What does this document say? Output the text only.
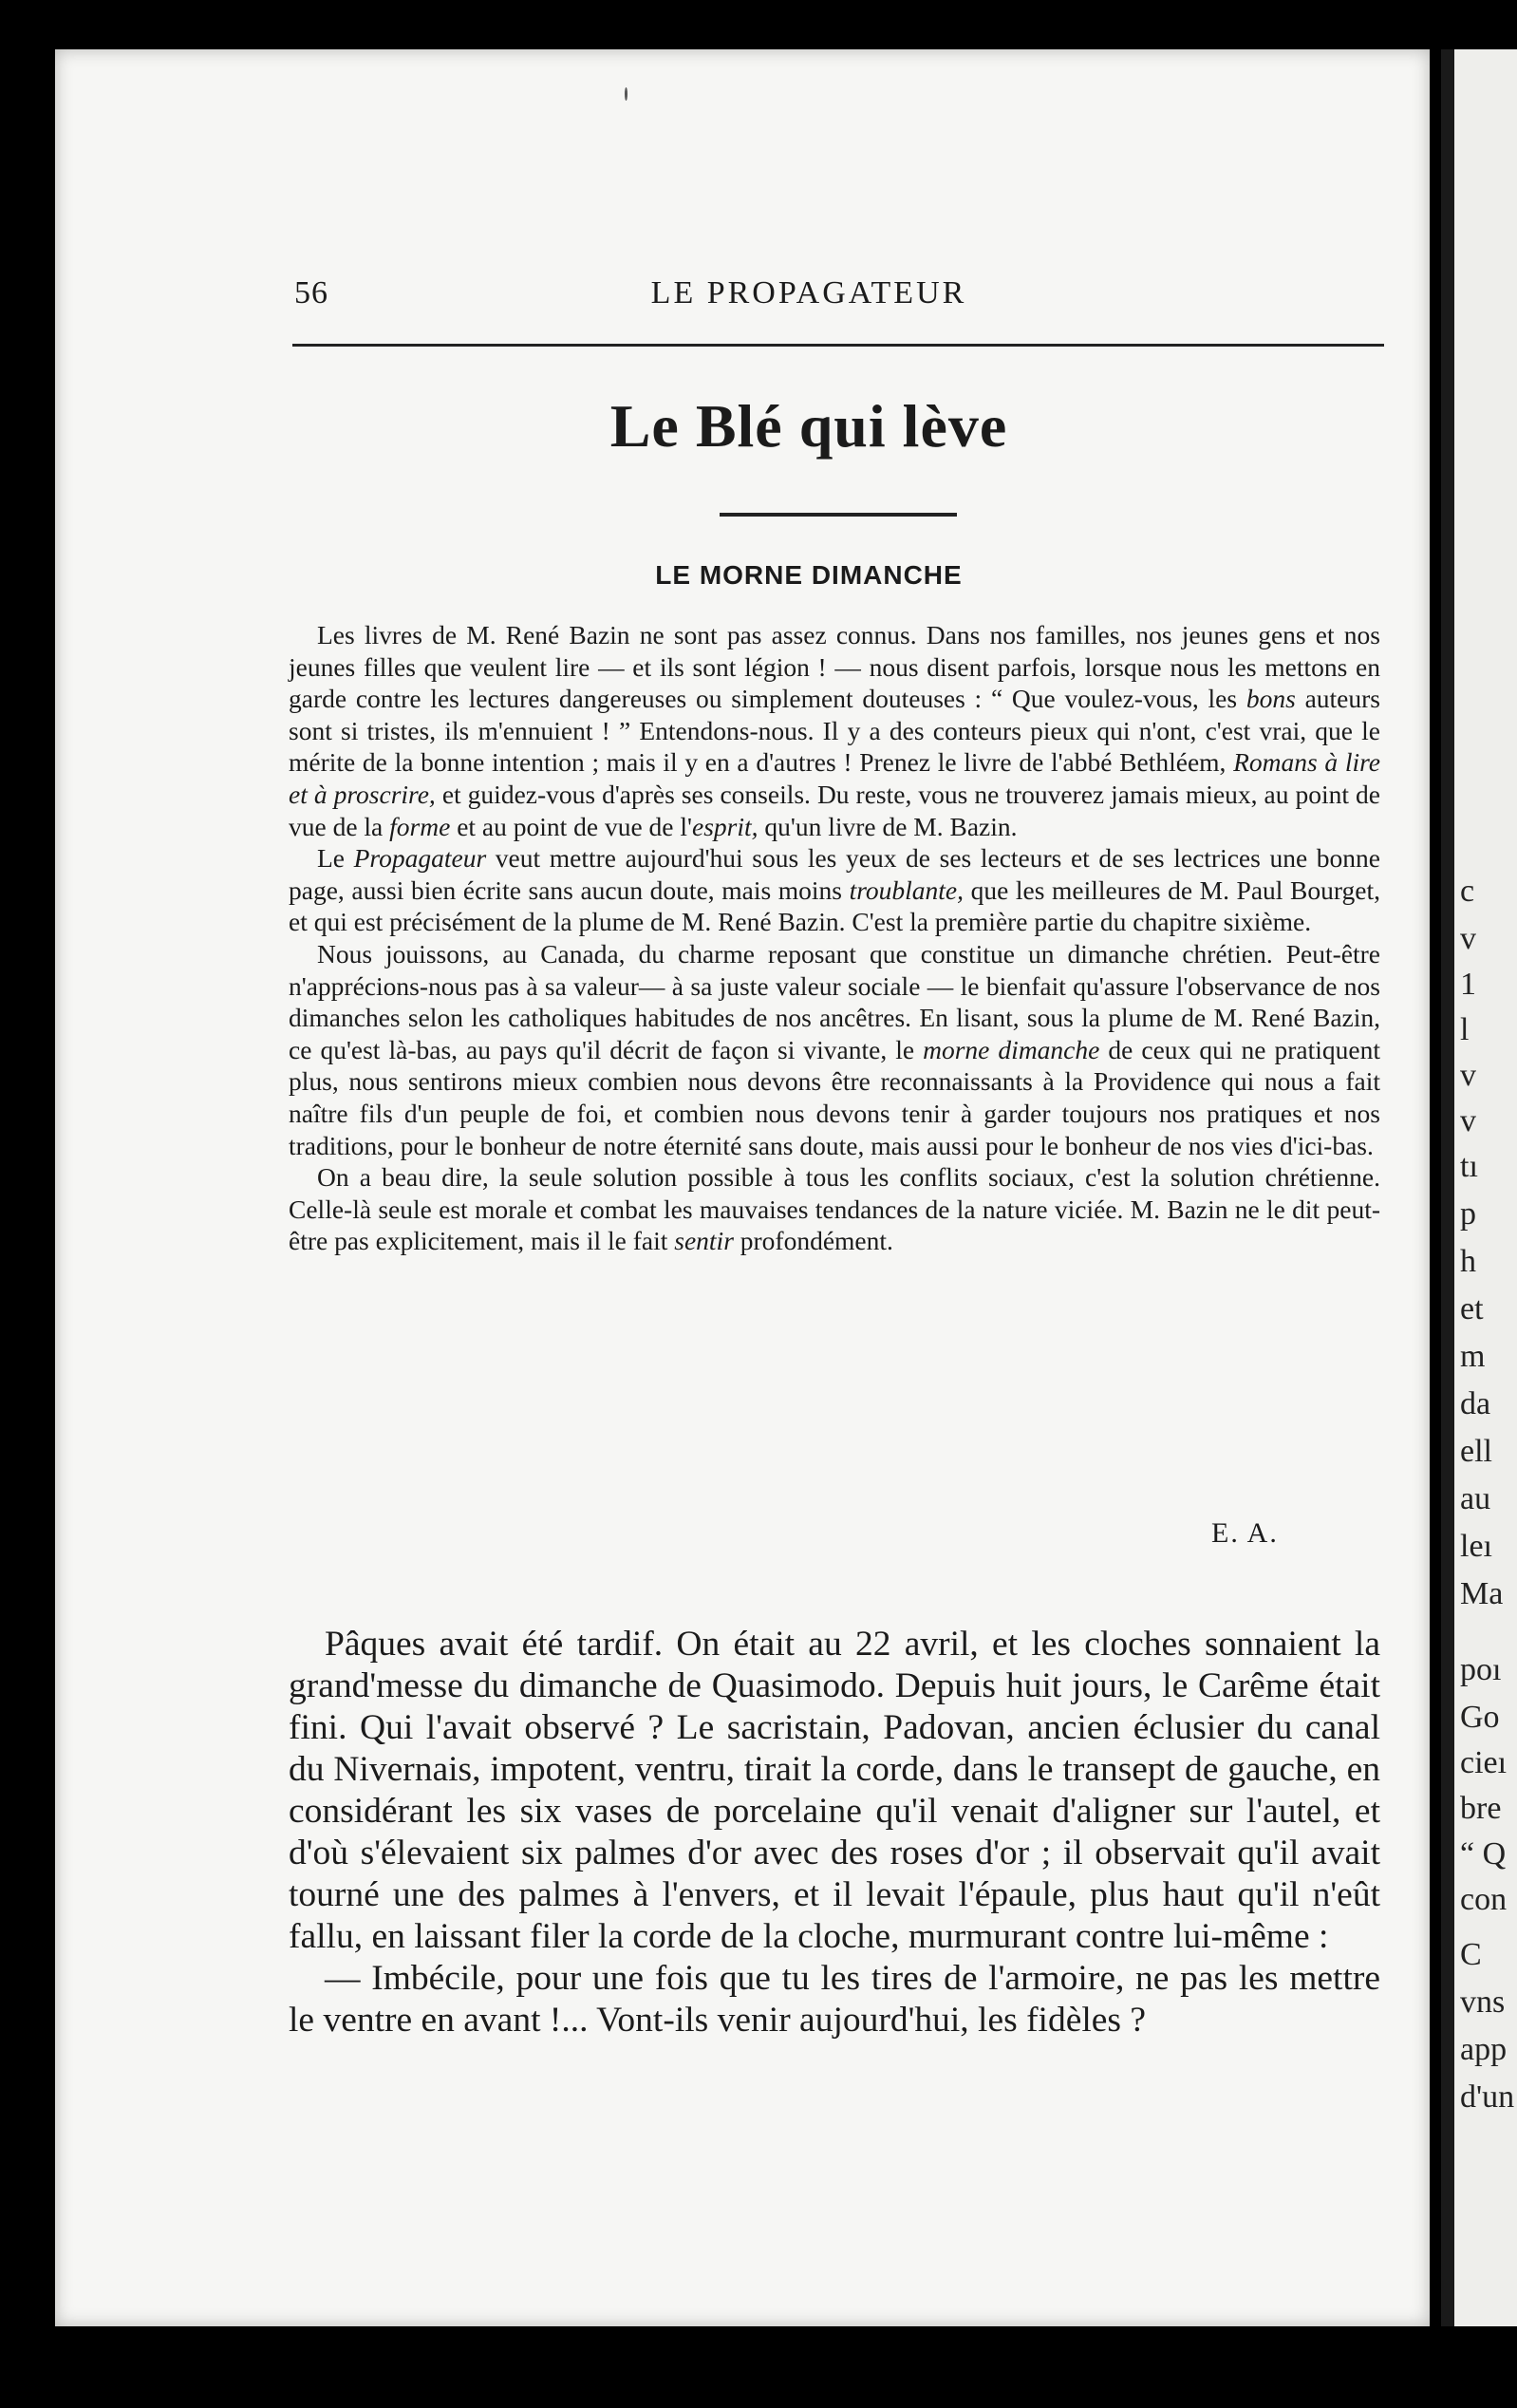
56	LE PROPAGATEUR
Le Blé qui lève
LE MORNE DIMANCHE

Les livres de M. René Bazin ne sont pas assez connus. Dans nos familles, nos jeunes gens et nos jeunes filles que veulent lire — et ils sont légion ! — nous disent parfois, lorsque nous les mettons en garde contre les lectures dangereuses ou simplement douteuses : “ Que voulez-vous, les bons auteurs sont si tristes, ils m'ennuient ! ” Entendons-nous. Il y a des conteurs pieux qui n'ont, c'est vrai, que le mérite de la bonne intention ; mais il y en a d'autres ! Prenez le livre de l'abbé Bethléem, Romans à lire et à proscrire, et guidez-vous d'après ses conseils. Du reste, vous ne trouverez jamais mieux, au point de vue de la forme et au point de vue de l'esprit, qu'un livre de M. Bazin.

Le Propagateur veut mettre aujourd'hui sous les yeux de ses lecteurs et de ses lectrices une bonne page, aussi bien écrite sans aucun doute, mais moins troublante, que les meilleures de M. Paul Bourget, et qui est précisément de la plume de M. René Bazin. C'est la première partie du chapitre sixième.

Nous jouissons, au Canada, du charme reposant que constitue un dimanche chrétien. Peut-être n'apprécions-nous pas à sa valeur— à sa juste valeur sociale — le bienfait qu'assure l'observance de nos dimanches selon les catholiques habitudes de nos ancêtres. En lisant, sous la plume de M. René Bazin, ce qu'est là-bas, au pays qu'il décrit de façon si vivante, le morne dimanche de ceux qui ne pratiquent plus, nous sentirons mieux combien nous devons être reconnaissants à la Providence qui nous a fait naître fils d'un peuple de foi, et combien nous devons tenir à garder toujours nos pratiques et nos traditions, pour le bonheur de notre éternité sans doute, mais aussi pour le bonheur de nos vies d'ici-bas.

On a beau dire, la seule solution possible à tous les conflits sociaux, c'est la solution chrétienne. Celle-là seule est morale et combat les mauvaises tendances de la nature viciée. M. Bazin ne le dit peut-être pas explicitement, mais il le fait sentir profondément.

E. A.

Pâques avait été tardif. On était au 22 avril, et les cloches sonnaient la grand'messe du dimanche de Quasimodo. Depuis huit jours, le Carême était fini. Qui l'avait observé ? Le sacristain, Padovan, ancien éclusier du canal du Nivernais, impotent, ventru, tirait la corde, dans le transept de gauche, en considérant les six vases de porcelaine qu'il venait d'aligner sur l'autel, et d'où s'élevaient six palmes d'or avec des roses d'or ; il observait qu'il avait tourné une des palmes à l'envers, et il levait l'épaule, plus haut qu'il n'eût fallu, en laissant filer la corde de la cloche, murmurant contre lui-même :

— Imbécile, pour une fois que tu les tires de l'armoire, ne pas les mettre le ventre en avant !... Vont-ils venir aujourd'hui, les fidèles ?

c
v
1
l
v
v
tı
p
h
et
m
da
ell
au
leı
Ma
poı
Go
cieı
bre
“ Q
con
C
vns
app
d'un
